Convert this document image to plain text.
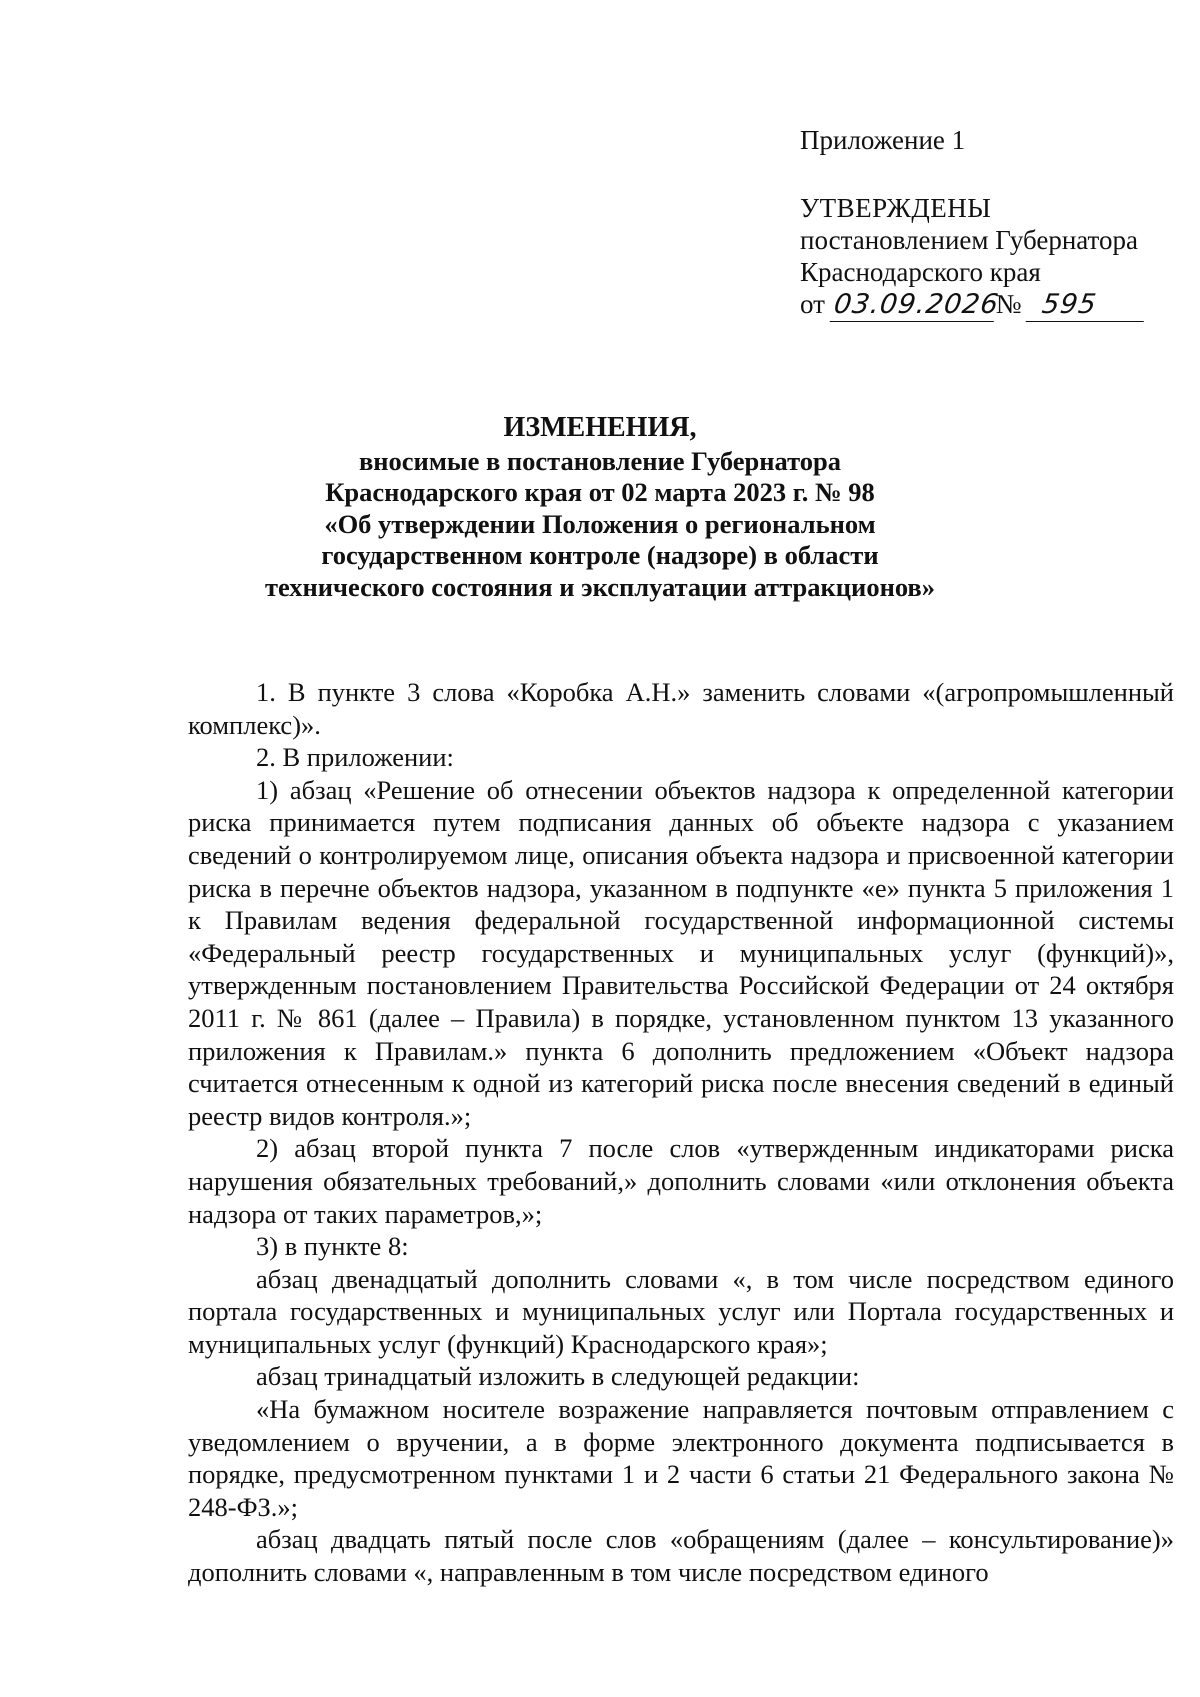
Приложение 1
УТВЕРЖДЕНЫ
постановлением Губернатора
Краснодарского края
от 03.09.2026№ 595
ИЗМЕНЕНИЯ,
вносимые в постановление Губернатора
Краснодарского края от 02 марта 2023 г. № 98
«Об утверждении Положения о региональном
государственном контроле (надзоре) в области
технического состояния и эксплуатации аттракционов»

1. В пункте 3 слова «Коробка А.Н.» заменить словами «(агропромышленный комплекс)».

2. В приложении:

1) абзац «Решение об отнесении объектов надзора к определенной категории риска принимается путем подписания данных об объекте надзора с указанием сведений о контролируемом лице, описания объекта надзора и присвоенной категории риска в перечне объектов надзора, указанном в подпункте «е» пункта 5 приложения 1 к Правилам ведения федеральной государственной информационной системы «Федеральный реестр государственных и муниципальных услуг (функций)», утвержденным постановлением Правительства Российской Федерации от 24 октября 2011 г. № 861 (далее – Правила) в порядке, установленном пунктом 13 указанного приложения к Правилам.» пункта 6 дополнить предложением «Объект надзора считается отнесенным к одной из категорий риска после внесения сведений в единый реестр видов контроля.»;

2) абзац второй пункта 7 после слов «утвержденным индикаторами риска нарушения обязательных требований,» дополнить словами «или отклонения объекта надзора от таких параметров,»;

3) в пункте 8:

абзац двенадцатый дополнить словами «, в том числе посредством единого портала государственных и муниципальных услуг или Портала государственных и муниципальных услуг (функций) Краснодарского края»;

абзац тринадцатый изложить в следующей редакции:

«На бумажном носителе возражение направляется почтовым отправлением с уведомлением о вручении, а в форме электронного документа подписывается в порядке, предусмотренном пунктами 1 и 2 части 6 статьи 21 Федерального закона № 248-ФЗ.»;

абзац двадцать пятый после слов «обращениям (далее – консультирование)» дополнить словами «, направленным в том числе посредством единого
